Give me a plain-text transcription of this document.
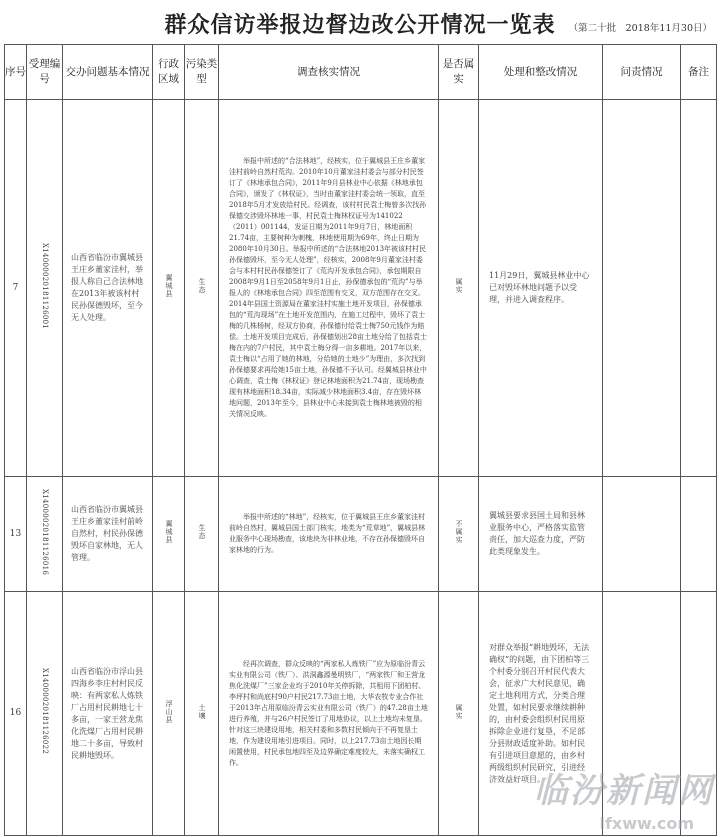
群众信访举报边督边改公开情况一览表	（第二十批　2018年11月30日）
序号	受理编号	交办问题基本情况	行政区域	污染类型	调查核实情况	是否属实	处理和整改情况	问责情况	备注
7	X14000020181126001	山西省临汾市翼城县王庄乡董家洼村，举报人称自己合法林地在2013年被该村村民孙保德毁坏，至今无人处理。	翼城县	生态	举报中所述的“合法林地”，经核实，位于翼城县王庄乡董家洼村前岭自然村荒沟。2010年10月董家洼村委会与部分村民签订了《林地承包合同》，2011年9月县林业中心依据《林地承包合同》，颁发了《林权证》，当时由董家洼村委会统一领取，直至2018年5月才发放给村民。经调查，该村村民袁士梅曾多次找孙保德交涉毁坏林地一事，村民袁士梅林权证号为141022（2011）001144，发证日期为2011年9月7日，林地面积21.74亩，主要树种为刺槐，林地使用期为69年，终止日期为2080年10月30日。举报中所述的“合法林地2013年被该村村民孙保德毁坏，至今无人处理”，经核实，2008年9月董家洼村委会与本村村民孙保德签订了《荒沟开发承包合同》，承包期限自2008年9月1日至2058年9月1日止，孙保德承包的“荒沟”与举报人的《林地承包合同》四至范围有交叉，双方范围存在交叉。2014年县国土资源局在董家洼村实施土地开发项目，孙保德承包的“荒沟现场”在土地开发范围内，在施工过程中，毁坏了袁士梅的几株杨树，经双方协商，孙保德付给袁士梅750元钱作为赔偿。土地开发项目完成后，孙保德划出28亩土地分给了包括袁士梅在内的7户村民，其中袁士梅分得一亩多耕地。2017年以来，袁士梅以“占用了她的林地，分给她的土地少”为理由，多次找到孙保德要求再给她15亩土地，孙保德不予认可。经翼城县林业中心调查，袁士梅《林权证》登记林地面积为21.74亩，现场勘查现有林地面积18.34亩，实际减少林地面积3.4亩，存在毁坏林地问题，2013年至今，县林业中心未接到袁士梅林地被毁的相关情况反映。	属实	11月29日，翼城县林业中心已对毁坏林地问题予以受理，并进入调查程序。		
13	X14000020181126016	山西省临汾市翼城县王庄乡董家洼村前岭自然村，村民孙保德毁坏自家林地，无人管理。	翼城县	生态	举报中所述的“林地”，经核实，位于翼城县王庄乡董家洼村前岭自然村，翼城县国土部门核实，地类为“荒草地”，翼城县林业服务中心现场勘查，该地块为非林业地，不存在孙保德毁坏自家林地的行为。	不属实	翼城县要求县国土局和县林业服务中心，严格落实监管责任，加大巡查力度，严防此类现象发生。		
16	X14000020181126022	山西省临汾市浮山县四海乡李庄村村民反映：有两家私人炼铁厂占用村民耕地七十多亩，一家王营龙焦化洗煤厂占用村民耕地二十多亩，导致村民耕地毁坏。	浮山县	土壤	经再次调查，群众反映的“两家私人炼铁厂”应为原临汾青云实业有限公司（铁厂）、洪洞鑫源曼明铁厂，“两家铁厂和王营龙焦化洗煤厂”三家企业均于2010年关停拆除，共租用下团柏村、李坪村和尚底村90户村民217.73亩土地，大华农牧专业合作社于2013年占用原临汾青云实业有限公司（铁厂）的47.28亩土地进行养殖，并与26户村民签订了用地协议，以上土地均未复垦。针对这三块建设用地，相关村委和多数村民倾向于不再复垦土地，作为建设用地引进项目。同时，以上217.73亩土地因长期闲置使用，村民承包地四至及边界确定难度较大，未落实确权工作。	属实	对群众举报“耕地毁坏，无法确权”的问题，由下团柏等三个村委分别召开村民代表大会，征求广大村民意见，确定土地利用方式，分类合理处置，如村民要求继续耕种的，由村委会组织村民用原拆除企业进行复垦，不足部分县财政适度补助。如村民有引进项目意愿的，由乡村两级组织村民研究，引进经济效益好项目。		
临汾新闻网
lfxww.com
